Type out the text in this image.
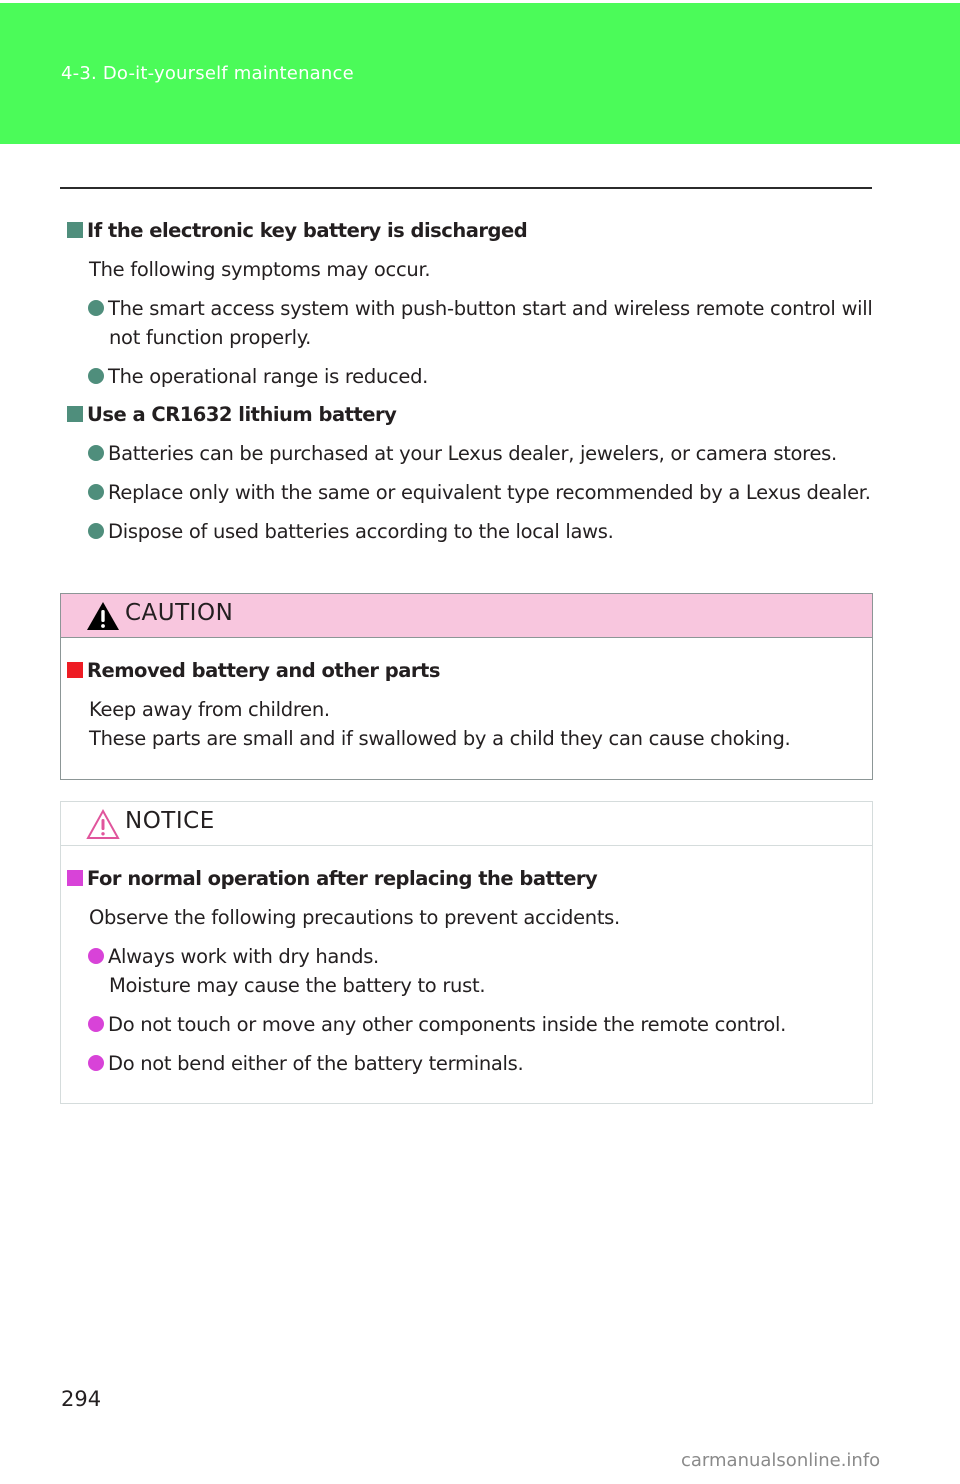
4-3. Do-it-yourself maintenance
If the electronic key battery is discharged
The following symptoms may occur.
The smart access system with push-button start and wireless remote control will
not function properly.
The operational range is reduced.
Use a CR1632 lithium battery
Batteries can be purchased at your Lexus dealer, jewelers, or camera stores.
Replace only with the same or equivalent type recommended by a Lexus dealer.
Dispose of used batteries according to the local laws.
CAUTION
Removed battery and other parts
Keep away from children.
These parts are small and if swallowed by a child they can cause choking.
NOTICE
For normal operation after replacing the battery
Observe the following precautions to prevent accidents.
Always work with dry hands.
Moisture may cause the battery to rust.
Do not touch or move any other components inside the remote control.
Do not bend either of the battery terminals.
294
carmanualsonline.info
